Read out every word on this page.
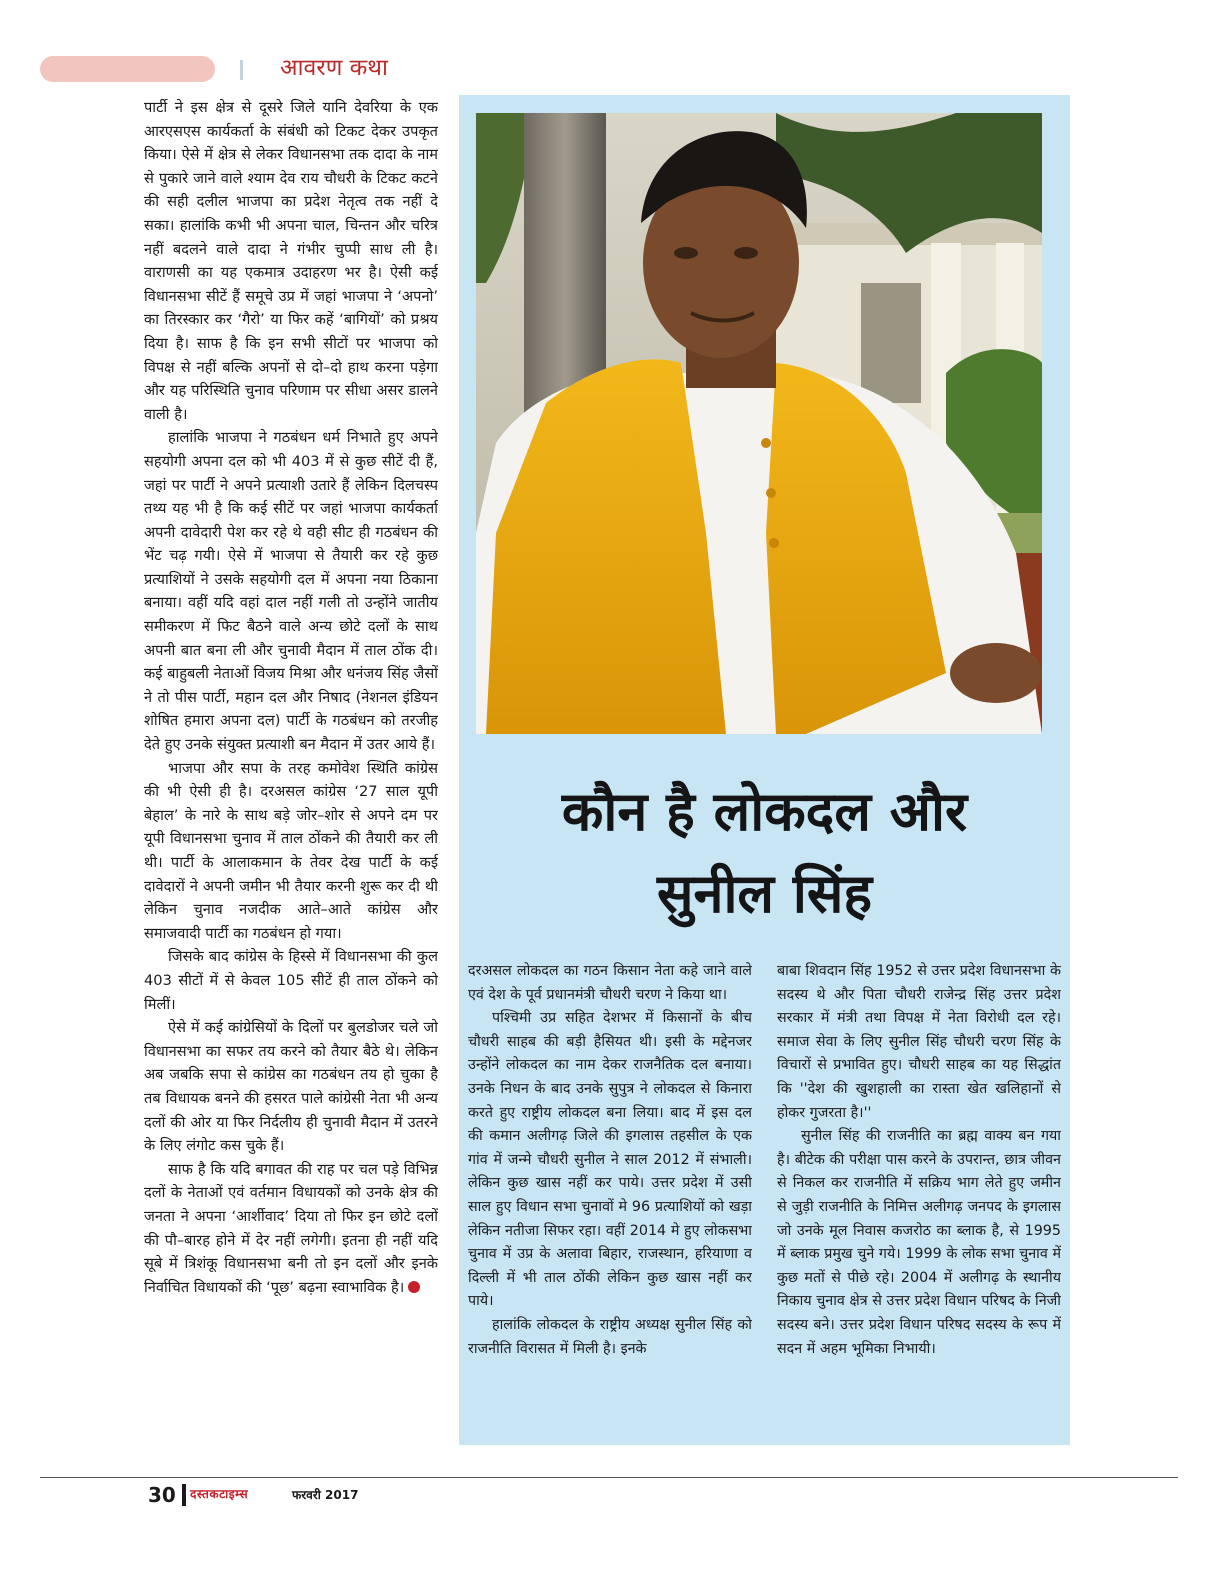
आवरण कथा

पार्टी ने इस क्षेत्र से दूसरे जिले यानि देवरिया के एक आरएसएस कार्यकर्ता के संबंधी को टिकट देकर उपकृत किया। ऐसे में क्षेत्र से लेकर विधानसभा तक दादा के नाम से पुकारे जाने वाले श्याम देव राय चौधरी के टिकट कटने की सही दलील भाजपा का प्रदेश नेतृत्व तक नहीं दे सका। हालांकि कभी भी अपना चाल, चिन्तन और चरित्र नहीं बदलने वाले दादा ने गंभीर चुप्पी साध ली है। वाराणसी का यह एकमात्र उदाहरण भर है। ऐसी कई विधानसभा सीटें हैं समूचे उप्र में जहां भाजपा ने ‘अपनो’ का तिरस्कार कर ‘गैरो’ या फिर कहें ‘बागियों’ को प्रश्रय दिया है। साफ है कि इन सभी सीटों पर भाजपा को विपक्ष से नहीं बल्कि अपनों से दो–दो हाथ करना पड़ेगा और यह परिस्थिति चुनाव परिणाम पर सीधा असर डालने वाली है।

हालांकि भाजपा ने गठबंधन धर्म निभाते हुए अपने सहयोगी अपना दल को भी 403 में से कुछ सीटें दी हैं, जहां पर पार्टी ने अपने प्रत्याशी उतारे हैं लेकिन दिलचस्प तथ्य यह भी है कि कई सीटें पर जहां भाजपा कार्यकर्ता अपनी दावेदारी पेश कर रहे थे वही सीट ही गठबंधन की भेंट चढ़ गयी। ऐसे में भाजपा से तैयारी कर रहे कुछ प्रत्याशियों ने उसके सहयोगी दल में अपना नया ठिकाना बनाया। वहीं यदि वहां दाल नहीं गली तो उन्होंने जातीय समीकरण में फिट बैठने वाले अन्य छोटे दलों के साथ अपनी बात बना ली और चुनावी मैदान में ताल ठोंक दी। कई बाहुबली नेताओं विजय मिश्रा और धनंजय सिंह जैसों ने तो पीस पार्टी, महान दल और निषाद (नेशनल इंडियन शोषित हमारा अपना दल) पार्टी के गठबंधन को तरजीह देते हुए उनके संयुक्त प्रत्याशी बन मैदान में उतर आये हैं।

भाजपा और सपा के तरह कमोवेश स्थिति कांग्रेस की भी ऐसी ही है। दरअसल कांग्रेस ‘27 साल यूपी बेहाल’ के नारे के साथ बड़े जोर–शोर से अपने दम पर यूपी विधानसभा चुनाव में ताल ठोंकने की तैयारी कर ली थी। पार्टी के आलाकमान के तेवर देख पार्टी के कई दावेदारों ने अपनी जमीन भी तैयार करनी शुरू कर दी थी लेकिन चुनाव नजदीक आते–आते कांग्रेस और समाजवादी पार्टी का गठबंधन हो गया।

जिसके बाद कांग्रेस के हिस्से में विधानसभा की कुल 403 सीटों में से केवल 105 सीटें ही ताल ठोंकने को मिलीं।

ऐसे में कई कांग्रेसियों के दिलों पर बुलडोजर चले जो विधानसभा का सफर तय करने को तैयार बैठे थे। लेकिन अब जबकि सपा से कांग्रेस का गठबंधन तय हो चुका है तब विधायक बनने की हसरत पाले कांग्रेसी नेता भी अन्य दलों की ओर या फिर निर्दलीय ही चुनावी मैदान में उतरने के लिए लंगोट कस चुके हैं।

साफ है कि यदि बगावत की राह पर चल पड़े विभिन्न दलों के नेताओं एवं वर्तमान विधायकों को उनके क्षेत्र की जनता ने अपना ‘आर्शीवाद’ दिया तो फिर इन छोटे दलों की पौ–बारह होने में देर नहीं लगेगी। इतना ही नहीं यदि सूबे में त्रिशंकू विधानसभा बनी तो इन दलों और इनके निर्वाचित विधायकों की ‘पूछ’ बढ़ना स्वाभाविक है।

कौन है लोकदल और
सुनील सिंह

दरअसल लोकदल का गठन किसान नेता कहे जाने वाले एवं देश के पूर्व प्रधानमंत्री चौधरी चरण ने किया था।

पश्चिमी उप्र सहित देशभर में किसानों के बीच चौधरी साहब की बड़ी हैसियत थी। इसी के मद्देनजर उन्होंने लोकदल का नाम देकर राजनैतिक दल बनाया। उनके निधन के बाद उनके सुपुत्र ने लोकदल से किनारा करते हुए राष्ट्रीय लोकदल बना लिया। बाद में इस दल की कमान अलीगढ़ जिले की इगलास तहसील के एक गांव में जन्मे चौधरी सुनील ने साल 2012 में संभाली। लेकिन कुछ खास नहीं कर पाये। उत्तर प्रदेश में उसी साल हुए विधान सभा चुनावों मे 96 प्रत्याशियों को खड़ा लेकिन नतीजा सिफर रहा। वहीं 2014 मे हुए लोकसभा चुनाव में उप्र के अलावा बिहार, राजस्थान, हरियाणा व दिल्ली में भी ताल ठोंकी लेकिन कुछ खास नहीं कर पाये।

हालांकि लोकदल के राष्ट्रीय अध्यक्ष सुनील सिंह को राजनीति विरासत में मिली है। इनके

बाबा शिवदान सिंह 1952 से उत्तर प्रदेश विधानसभा के सदस्य थे और पिता चौधरी राजेन्द्र सिंह उत्तर प्रदेश सरकार में मंत्री तथा विपक्ष में नेता विरोधी दल रहे। समाज सेवा के लिए सुनील सिंह चौधरी चरण सिंह के विचारों से प्रभावित हुए। चौधरी साहब का यह सिद्धांत कि ''देश की खुशहाली का रास्ता खेत खलिहानों से होकर गुजरता है।''

सुनील सिंह की राजनीति का ब्रह्म वाक्य बन गया है। बीटेक की परीक्षा पास करने के उपरान्त, छात्र जीवन से निकल कर राजनीति में सक्रिय भाग लेते हुए जमीन से जुड़ी राजनीति के निमित्त अलीगढ़ जनपद के इगलास जो उनके मूल निवास कजरोठ का ब्लाक है, से 1995 में ब्लाक प्रमुख चुने गये। 1999 के लोक सभा चुनाव में कुछ मतों से पीछे रहे। 2004 में अलीगढ़ के स्थानीय निकाय चुनाव क्षेत्र से उत्तर प्रदेश विधान परिषद के निजी सदस्य बने। उत्तर प्रदेश विधान परिषद सदस्य के रूप में सदन में अहम भूमिका निभायी।

30 दस्तकटाइम्स	फरवरी 2017
